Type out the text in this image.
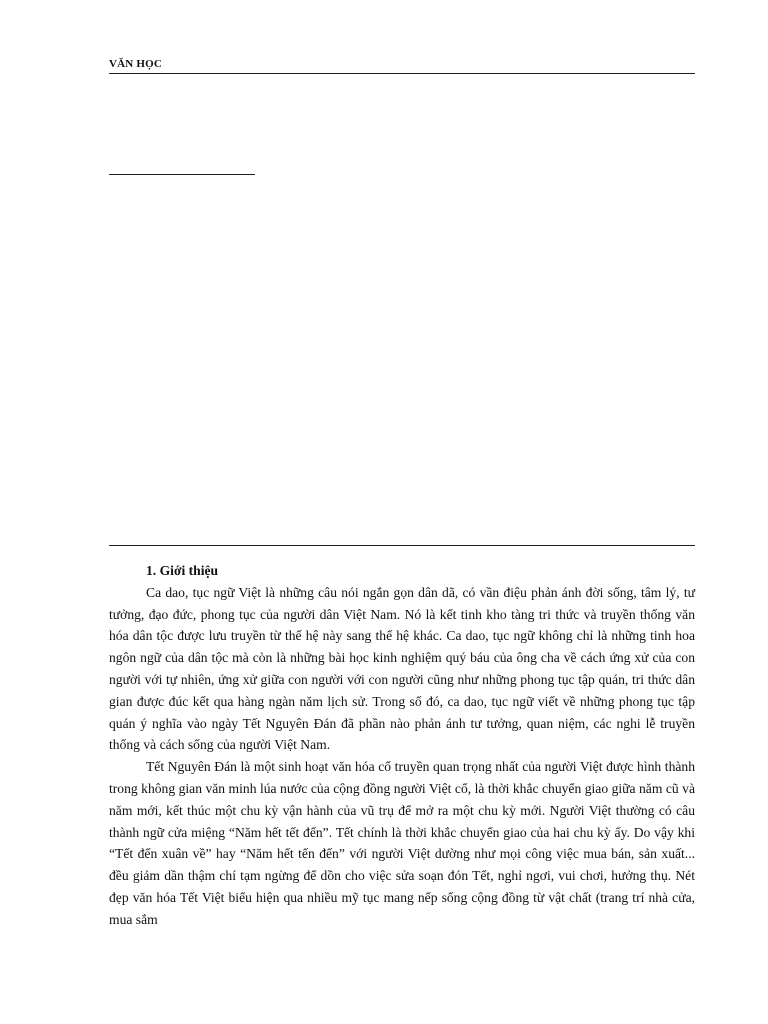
VĂN HỌC

1. Giới thiệu

Ca dao, tục ngữ Việt là những câu nói ngắn gọn dân dã, có vần điệu phản ánh đời sống, tâm lý, tư tưởng, đạo đức, phong tục của người dân Việt Nam. Nó là kết tinh kho tàng tri thức và truyền thống văn hóa dân tộc được lưu truyền từ thế hệ này sang thế hệ khác. Ca dao, tục ngữ không chỉ là những tinh hoa ngôn ngữ của dân tộc mà còn là những bài học kinh nghiệm quý báu của ông cha về cách ứng xử của con người với tự nhiên, ứng xử giữa con người với con người cũng như những phong tục tập quán, tri thức dân gian được đúc kết qua hàng ngàn năm lịch sử. Trong số đó, ca dao, tục ngữ viết về những phong tục tập quán ý nghĩa vào ngày Tết Nguyên Đán đã phần nào phản ánh tư tưởng, quan niệm, các nghi lễ truyền thống và cách sống của người Việt Nam.

Tết Nguyên Đán là một sinh hoạt văn hóa cổ truyền quan trọng nhất của người Việt được hình thành trong không gian văn minh lúa nước của cộng đồng người Việt cổ, là thời khắc chuyển giao giữa năm cũ và năm mới, kết thúc một chu kỳ vận hành của vũ trụ để mở ra một chu kỳ mới. Người Việt thường có câu thành ngữ cửa miệng “Năm hết tết đến”. Tết chính là thời khắc chuyển giao của hai chu kỳ ấy. Do vậy khi “Tết đến xuân về” hay “Năm hết tến đến” với người Việt dường như mọi công việc mua bán, sản xuất... đều giảm dần thậm chí tạm ngừng để dồn cho việc sửa soạn đón Tết, nghỉ ngơi, vui chơi, hưởng thụ. Nét đẹp văn hóa Tết Việt biểu hiện qua nhiều mỹ tục mang nếp sống cộng đồng từ vật chất (trang trí nhà cửa, mua sắm
